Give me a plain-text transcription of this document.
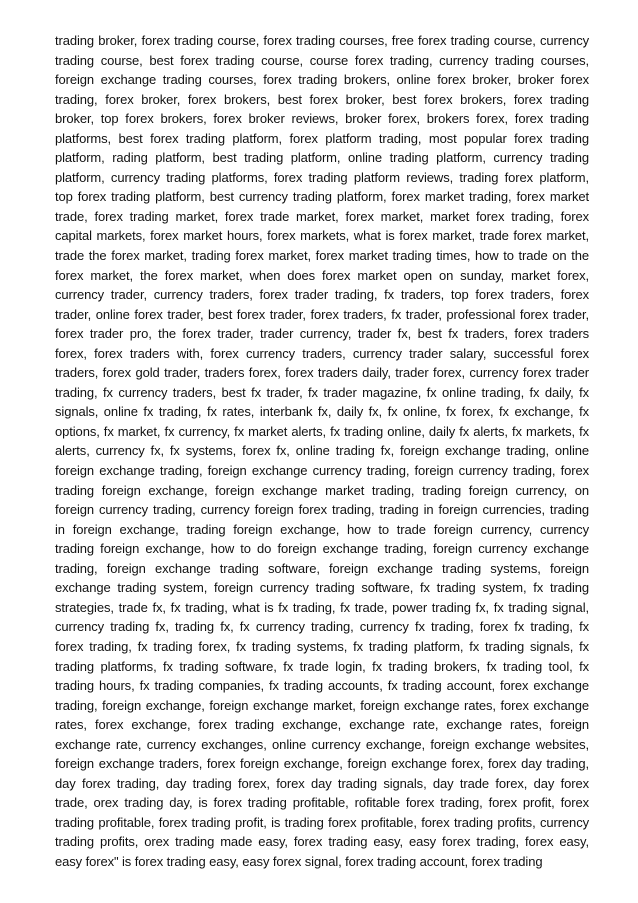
trading broker, forex trading course, forex trading courses, free forex trading course, currency
trading course, best forex trading course, course forex trading, currency trading courses,
foreign exchange trading courses, forex trading brokers, online forex broker, broker forex
trading, forex broker, forex brokers, best forex broker, best forex brokers, forex trading
broker, top forex brokers, forex broker reviews, broker forex, brokers forex, forex trading
platforms, best forex trading platform, forex platform trading, most popular forex trading
platform, rading platform, best trading platform, online trading platform, currency trading
platform, currency trading platforms, forex trading platform reviews, trading forex platform,
top forex trading platform, best currency trading platform, forex market trading, forex market
trade, forex trading market, forex trade market, forex market, market forex trading, forex
capital markets, forex market hours, forex markets, what is forex market, trade forex market,
trade the forex market, trading forex market, forex market trading times, how to trade on the
forex market, the forex market, when does forex market open on sunday, market forex,
currency trader, currency traders, forex trader trading, fx traders, top forex traders, forex
trader, online forex trader, best forex trader, forex traders, fx trader, professional forex trader,
forex trader pro, the forex trader, trader currency, trader fx, best fx traders, forex traders
forex, forex traders with, forex currency traders, currency trader salary, successful forex
traders, forex gold trader, traders forex, forex traders daily, trader forex, currency forex trader
trading, fx currency traders, best fx trader, fx trader magazine, fx online trading, fx daily, fx
signals, online fx trading, fx rates, interbank fx, daily fx, fx online, fx forex, fx exchange, fx
options, fx market, fx currency, fx market alerts, fx trading online, daily fx alerts, fx markets, fx
alerts, currency fx, fx systems, forex fx, online trading fx, foreign exchange trading, online
foreign exchange trading, foreign exchange currency trading, foreign currency trading, forex
trading foreign exchange, foreign exchange market trading, trading foreign currency, on
foreign currency trading, currency foreign forex trading, trading in foreign currencies, trading
in foreign exchange, trading foreign exchange, how to trade foreign currency, currency
trading foreign exchange, how to do foreign exchange trading, foreign currency exchange
trading, foreign exchange trading software, foreign exchange trading systems, foreign
exchange trading system, foreign currency trading software, fx trading system, fx trading
strategies, trade fx, fx trading, what is fx trading, fx trade, power trading fx, fx trading signal,
currency trading fx, trading fx, fx currency trading, currency fx trading, forex fx trading, fx
forex trading, fx trading forex, fx trading systems, fx trading platform, fx trading signals, fx
trading platforms, fx trading software, fx trade login, fx trading brokers, fx trading tool, fx
trading hours, fx trading companies, fx trading accounts, fx trading account, forex exchange
trading, foreign exchange, foreign exchange market, foreign exchange rates, forex exchange
rates, forex exchange, forex trading exchange, exchange rate, exchange rates, foreign
exchange rate, currency exchanges, online currency exchange, foreign exchange websites,
foreign exchange traders, forex foreign exchange, foreign exchange forex, forex day trading,
day forex trading, day trading forex, forex day trading signals, day trade forex, day forex
trade, orex trading day, is forex trading profitable, rofitable forex trading, forex profit, forex
trading profitable, forex trading profit, is trading forex profitable, forex trading profits, currency
trading profits, orex trading made easy, forex trading easy, easy forex trading, forex easy,
easy forex" is forex trading easy, easy forex signal, forex trading account, forex trading
